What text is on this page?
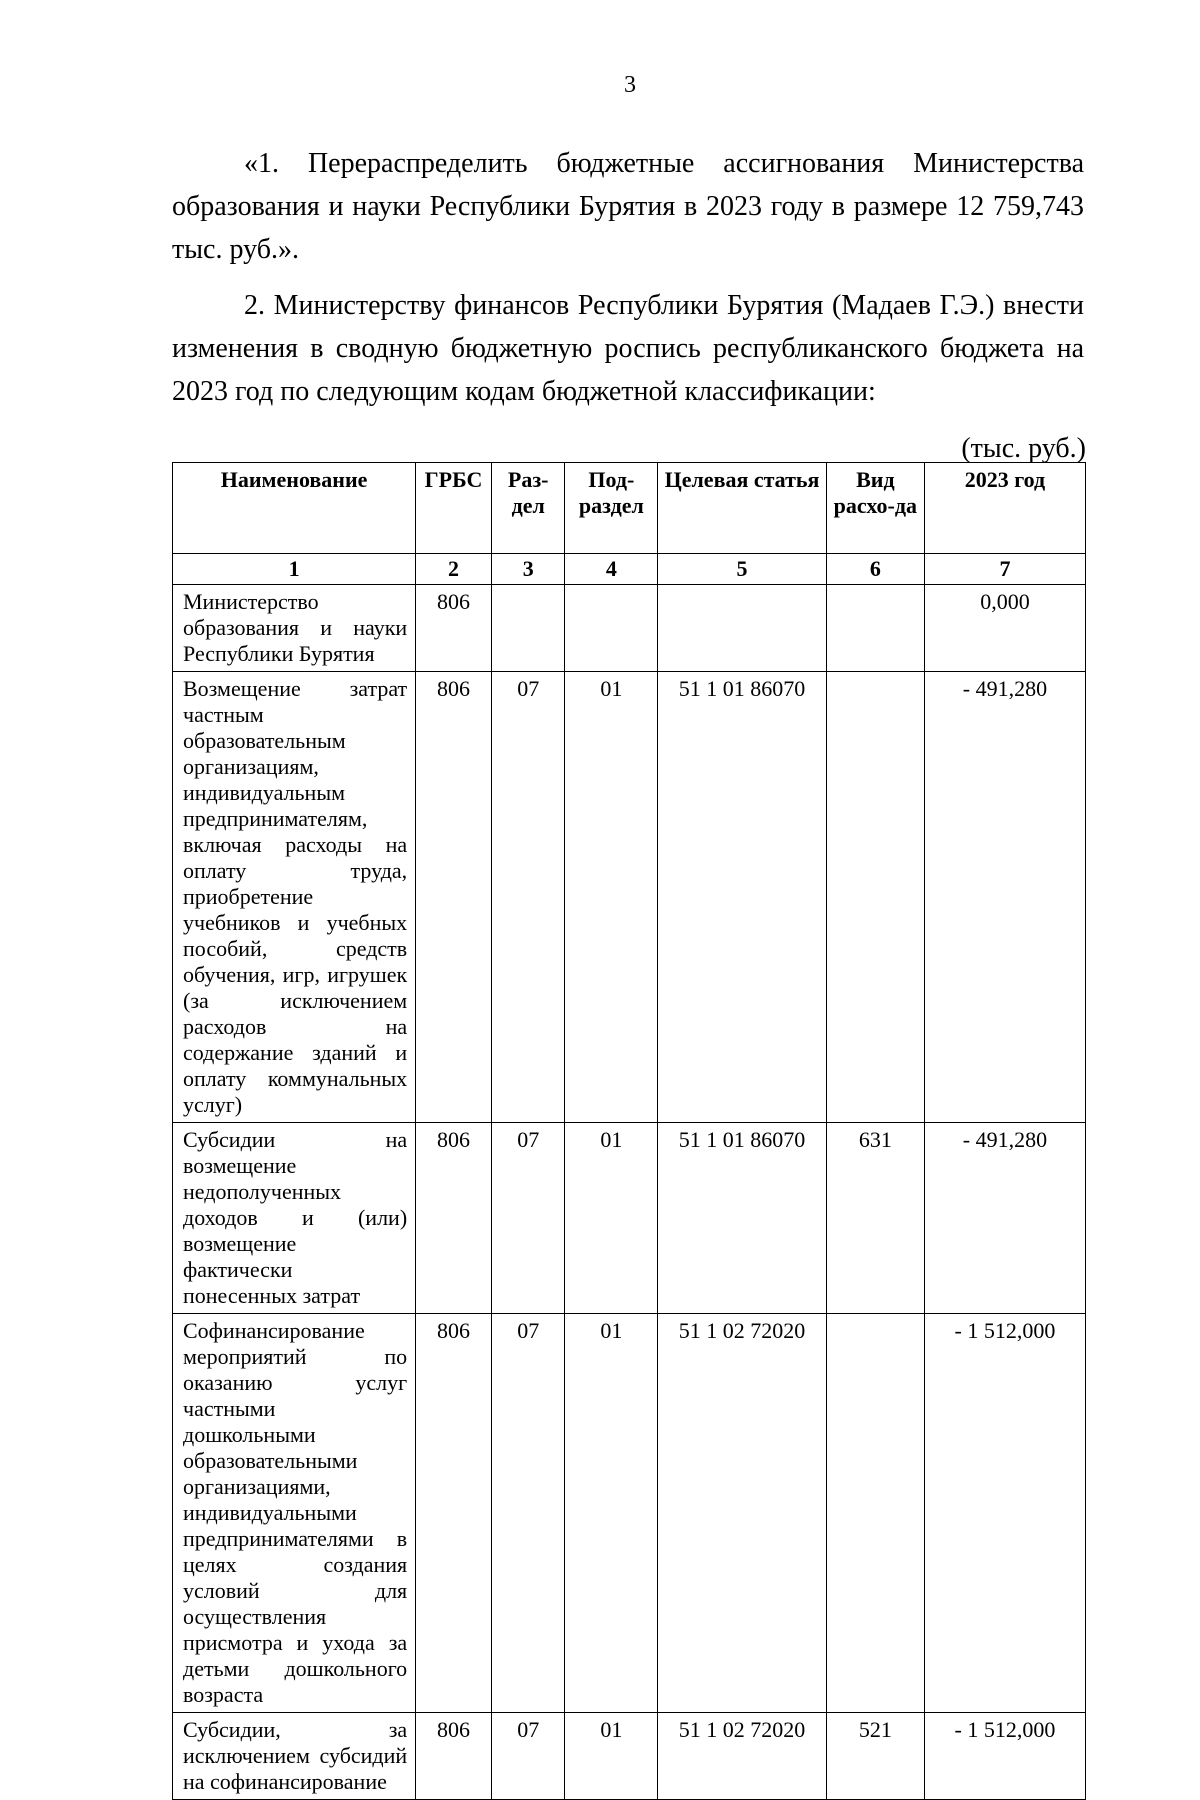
3

«1. Перераспределить бюджетные ассигнования Министерства образования и науки Республики Бурятия в 2023 году в размере 12 759,743 тыс. руб.».

2. Министерству финансов Республики Бурятия (Мадаев Г.Э.) внести изменения в сводную бюджетную роспись республиканского бюджета на 2023 год по следующим кодам бюджетной классификации:

(тыс. руб.)
Наименование	ГРБС	Раз-дел	Под-раздел	Целевая статья	Вид расхо-да	2023 год
1	2	3	4	5	6	7
Министерство образования и науки Республики Бурятия	806					0,000
Возмещение затрат частным образовательным организациям, индивидуальным предпринимателям, включая расходы на оплату труда, приобретение учебников и учебных пособий, средств обучения, игр, игрушек (за исключением расходов на содержание зданий и оплату коммунальных услуг)	806	07	01	51 1 01 86070		- 491,280
Субсидии на возмещение недополученных доходов и (или) возмещение фактически понесенных затрат	806	07	01	51 1 01 86070	631	- 491,280
Софинансирование мероприятий по оказанию услуг частными дошкольными образовательными организациями, индивидуальными предпринимателями в целях создания условий для осуществления присмотра и ухода за детьми дошкольного возраста	806	07	01	51 1 02 72020		- 1 512,000
Субсидии, за исключением субсидий на софинансирование	806	07	01	51 1 02 72020	521	- 1 512,000
